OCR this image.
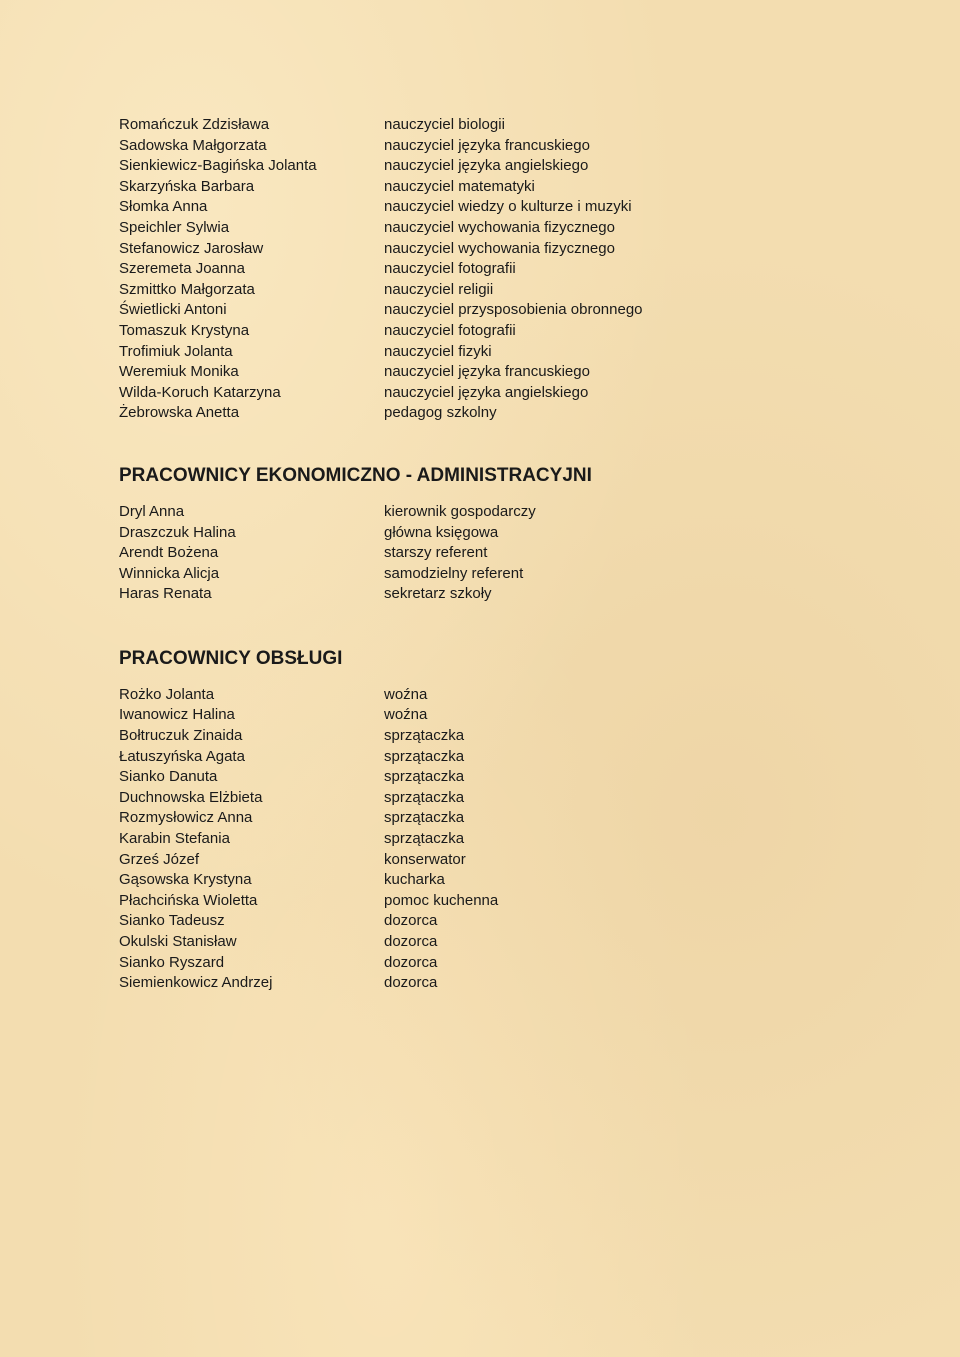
Romańczuk Zdzisława	nauczyciel biologii
Sadowska Małgorzata	nauczyciel języka francuskiego
Sienkiewicz-Bagińska Jolanta	nauczyciel języka angielskiego
Skarzyńska Barbara	nauczyciel matematyki
Słomka Anna	nauczyciel wiedzy o kulturze i muzyki
Speichler Sylwia	nauczyciel wychowania fizycznego
Stefanowicz Jarosław	nauczyciel wychowania fizycznego
Szeremeta Joanna	nauczyciel fotografii
Szmittko Małgorzata	nauczyciel religii
Świetlicki Antoni	nauczyciel przysposobienia obronnego
Tomaszuk Krystyna	nauczyciel fotografii
Trofimiuk Jolanta	nauczyciel fizyki
Weremiuk Monika	nauczyciel języka francuskiego
Wilda-Koruch Katarzyna	nauczyciel języka angielskiego
Żebrowska Anetta	pedagog szkolny
PRACOWNICY EKONOMICZNO - ADMINISTRACYJNI
Dryl Anna	kierownik gospodarczy
Draszczuk Halina	główna księgowa
Arendt Bożena	starszy referent
Winnicka Alicja	samodzielny referent
Haras Renata	sekretarz szkoły
PRACOWNICY OBSŁUGI
Rożko Jolanta	woźna
Iwanowicz Halina	woźna
Bołtruczuk Zinaida	sprzątaczka
Łatuszyńska Agata	sprzątaczka
Sianko Danuta	sprzątaczka
Duchnowska Elżbieta	sprzątaczka
Rozmysłowicz Anna	sprzątaczka
Karabin Stefania	sprzątaczka
Grześ Józef	konserwator
Gąsowska Krystyna	kucharka
Płachcińska Wioletta	pomoc kuchenna
Sianko Tadeusz	dozorca
Okulski Stanisław	dozorca
Sianko Ryszard	dozorca
Siemienkowicz Andrzej	dozorca
